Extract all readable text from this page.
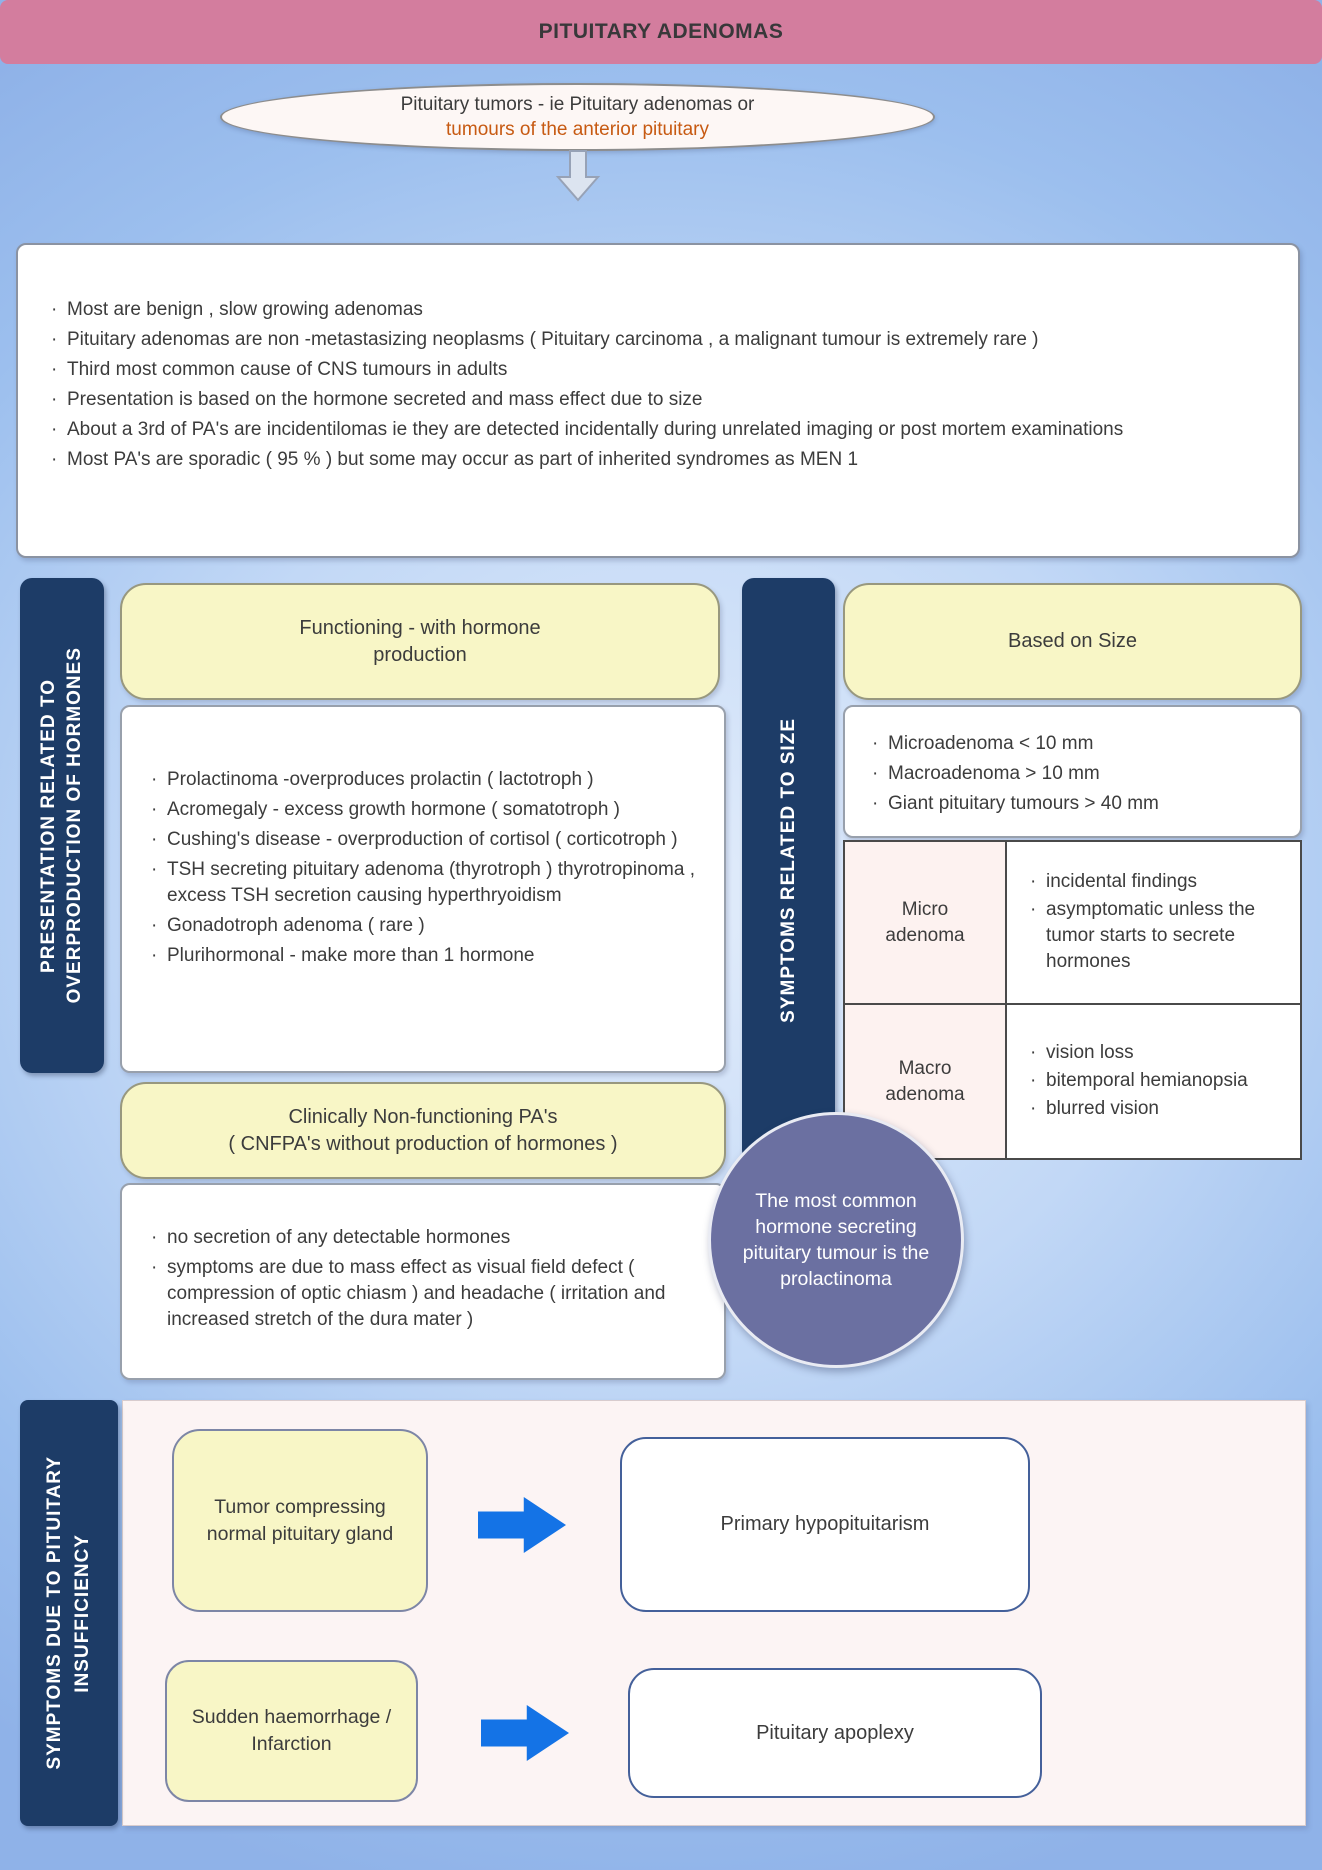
PITUITARY ADENOMAS
Pituitary tumors - ie Pituitary adenomas or
tumours of the anterior pituitary
· Most are benign , slow growing adenomas
· Pituitary adenomas are non -metastasizing neoplasms ( Pituitary carcinoma , a malignant tumour is extremely rare )
· Third most common cause of CNS tumours in adults
· Presentation is based on the hormone secreted and mass effect due to size
· About a 3rd of PA's are incidentilomas ie they are detected incidentally during unrelated imaging or post mortem examinations
· Most PA's are sporadic ( 95 % ) but some may occur as part of inherited syndromes as MEN 1
PRESENTATION RELATED TO OVERPRODUCTION OF HORMONES
Functioning - with hormone
production
· Prolactinoma -overproduces prolactin ( lactotroph )
· Acromegaly - excess growth hormone ( somatotroph )
· Cushing's disease - overproduction of cortisol ( corticotroph )
· TSH secreting pituitary adenoma (thyrotroph ) thyrotropinoma , excess TSH secretion causing hyperthryoidism
· Gonadotroph adenoma ( rare )
· Plurihormonal - make more than 1 hormone
Clinically Non-functioning PA's
( CNFPA's without production of hormones )
· no secretion of any detectable hormones
· symptoms are due to mass effect as visual field defect ( compression of optic chiasm ) and headache ( irritation and increased stretch of the dura mater )
SYMPTOMS RELATED TO SIZE
Based on Size
· Microadenoma < 10 mm
· Macroadenoma > 10 mm
· Giant pituitary tumours > 40 mm
Micro
adenoma
· incidental findings
· asymptomatic unless the tumor starts to secrete hormones
Macro
adenoma
· vision loss
· bitemporal hemianopsia
· blurred vision
The most common hormone secreting pituitary tumour is the prolactinoma
SYMPTOMS DUE TO PITUITARY INSUFFICIENCY
Tumor compressing normal pituitary gland	Primary hypopituitarism
Sudden haemorrhage / Infarction
Pituitary apoplexy
